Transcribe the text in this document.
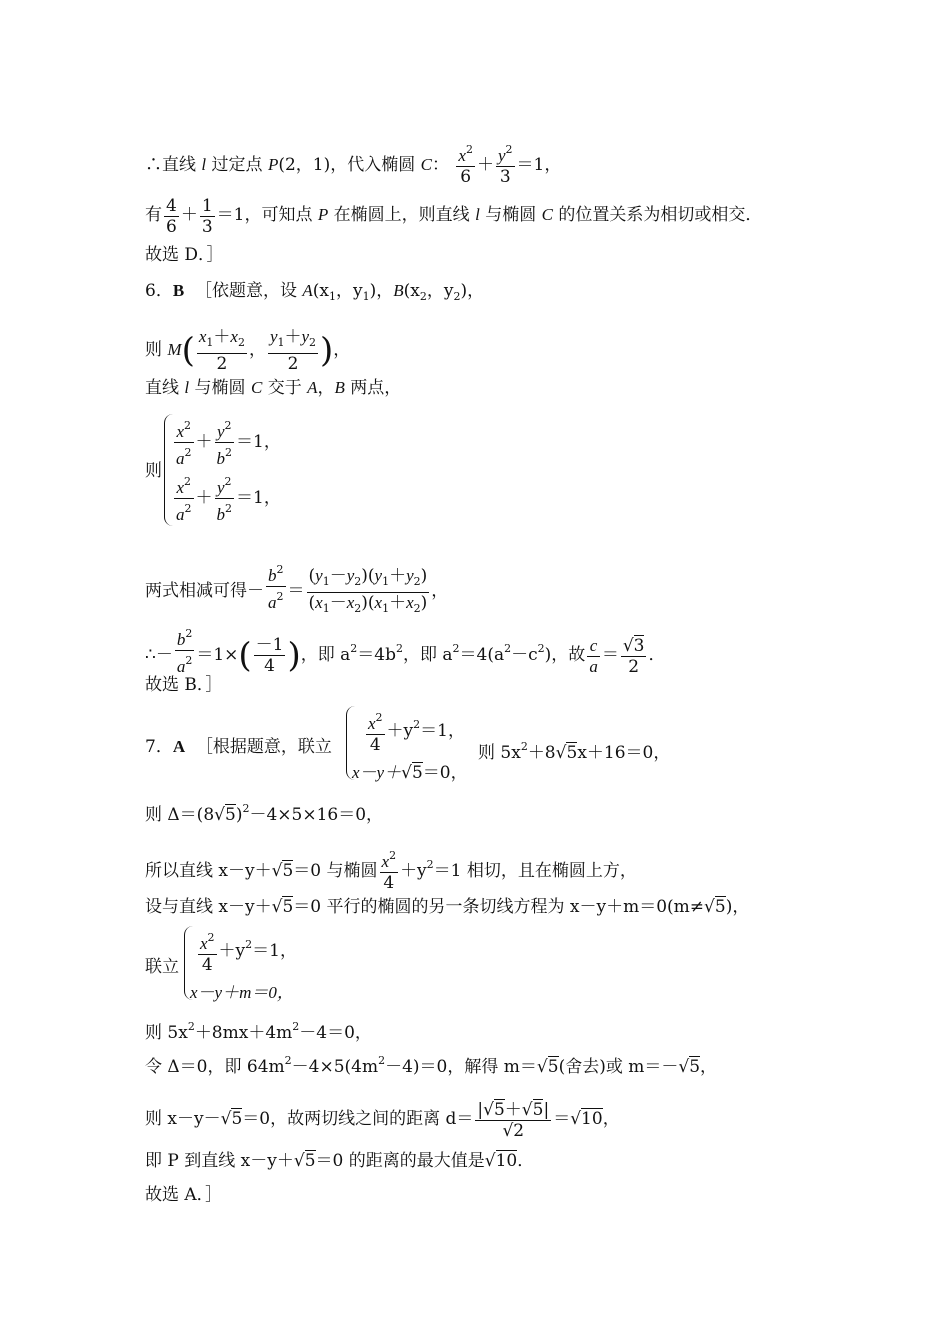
∴直线 l 过定点 P(2，1)，代入椭圆 C： $\frac{x^2}{6} + \frac{y^2}{3} =1$，
有 $\frac{4}{6} + \frac{1}{3} =1$，可知点 P 在椭圆上，则直线 l 与椭圆 C 的位置关系为相切或相交．
故选 D．］
6．B ［依题意，设 $A(x_1$，$y_1$)，$B(x_2$，$y_2$)，
则 $M( \frac{x_1+x_2}{2}$ ， $\frac{y_1+y_2}{2}$ )，
直线 l 与椭圆 C 交于 A，B 两点，
则
$\frac{x^2}{a^2} + \frac{y^2}{b^2} =1$，
$\frac{x^2}{a^2} + \frac{y^2}{b^2} =1$，
两式相减可得－ $\frac{b^2}{a^2} = \frac{(y_1-y_2)(y_1+y_2)}{(x_1-x_2)(x_1+x_2)}$ ，
∴－ $\frac{b^2}{a^2} =1\times( \frac{-1}{4}$ )，即 $a^2=4b^2$，即 $a^2=4(a^2-c^2)$，故 $\frac{c}{a} = \frac{√3}{2}$ ．
故选 B．］
7．A ［根据题意，联立 $\frac{x^2}{4} +y^2=1$，
x－y＋√5＝0，
则 $5x^2+8√5x+16=0$，
则 $\Delta=(8√5)^2-4\times 5\times 16=0$，
所以直线 x－y＋√5＝0 与椭圆 $\frac{x^2}{4} +y^2=1$ 相切，且在椭圆上方，
设与直线 x－y＋√5＝0 平行的椭圆的另一条切线方程为 x－y＋m＝0(m≠√5)，
联立 $\frac{x^2}{4} +y^2=1$，
x－y＋m＝0，
则 $5x^2+8mx+4m^2-4=0$，
令 Δ＝0，即 $64m^2-4\times 5(4m^2-4)=0$，解得 m＝√5(舍去)或 m＝－√5，
则 x－y－√5＝0，故两切线之间的距离 $d= \frac{|√5+√5|}{√2} =√10$，
即 P 到直线 x－y＋√5＝0 的距离的最大值是√10．
故选 A．］
